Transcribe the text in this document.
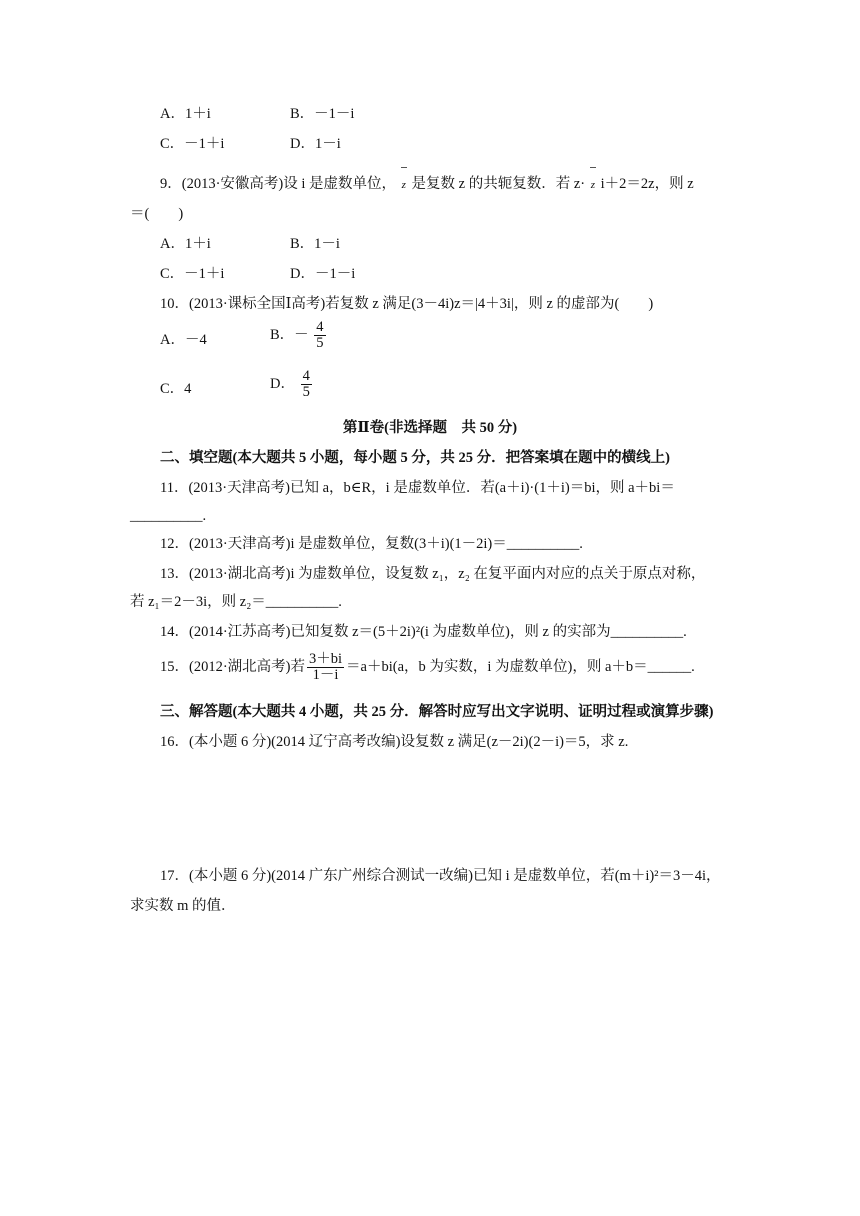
A．1＋i	B．－1－i
C．－1＋i	D．1－i
9．(2013·安徽高考)设 i 是虚数单位， z 是复数 z 的共轭复数．若 z· z i＋2＝2z，则 z
＝(　　)
A．1＋i	B．1－i
C．－1＋i	D．－1－i
10．(2013·课标全国Ⅰ高考)若复数 z 满足(3－4i)z＝|4＋3i|，则 z 的虚部为(　　)
A．－4	B．－ $\frac{4}{5}$
C．4	D． $\frac{4}{5}$
第Ⅱ卷(非选择题　共 50 分)
二、填空题(本大题共 5 小题，每小题 5 分，共 25 分．把答案填在题中的横线上)
11．(2013·天津高考)已知 a，b∈R，i 是虚数单位．若(a＋i)·(1＋i)＝bi，则 a＋bi＝
__________.
12．(2013·天津高考)i 是虚数单位，复数(3＋i)(1－2i)＝__________.
13．(2013·湖北高考)i 为虚数单位，设复数 z₁，z₂ 在复平面内对应的点关于原点对称，
若 z₁＝2－3i，则 z₂＝__________.
14．(2014·江苏高考)已知复数 z＝(5＋2i)²(i 为虚数单位)，则 z 的实部为__________.
15．(2012·湖北高考)若 $\frac{3+bi}{1-i} =a+bi(a$，b 为实数，i 为虚数单位)，则 a＋b＝______.
三、解答题(本大题共 4 小题，共 25 分．解答时应写出文字说明、证明过程或演算步骤)
16．(本小题 6 分)(2014 辽宁高考改编)设复数 z 满足(z－2i)(2－i)＝5，求 z.
17．(本小题 6 分)(2014 广东广州综合测试一改编)已知 i 是虚数单位，若(m＋i)²＝3－4i，
求实数 m 的值．
